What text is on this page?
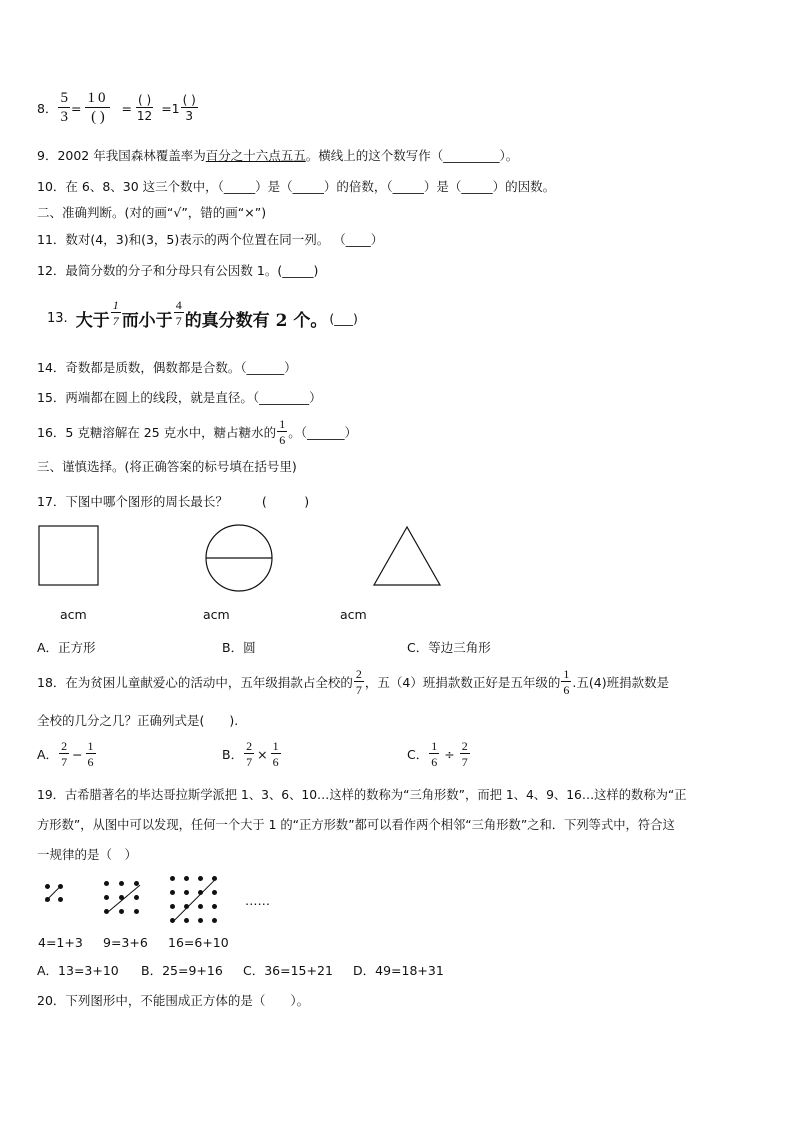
8． $\frac{5}{3} = \frac{10}{( )} = \frac{( )}{12} =1 \frac{( )}{3}$
9．2002 年我国森林覆盖率为百分之十六点五五。横线上的这个数写作（_________）。
10．在 6、8、30 这三个数中，（_____）是（_____）的倍数，（_____）是（_____）的因数。
二、准确判断。(对的画“√”，错的画“×”)
11．数对(4，3)和(3，5)表示的两个位置在同一列。 （____）
12．最简分数的分子和分母只有公因数 1。(_____)
13. 大于 $\frac{1}{7}$ 而小于 $\frac{4}{7}$ 的真分数有 2 个。 (___)
14．奇数都是质数，偶数都是合数。（______）
15．两端都在圆上的线段，就是直径。（________）
16．5 克糖溶解在 25 克水中，糖占糖水的 $\frac{1}{6}$ 。（______）
三、谨慎选择。(将正确答案的标号填在括号里)
17．下图中哪个图形的周长最长？	(　　　)
acm	acm	acm
A．正方形	B．圆	C．等边三角形
18．在为贫困儿童献爱心的活动中，五年级捐款占全校的 $\frac{2}{7}$ ，五（4）班捐款数正好是五年级的 $\frac{1}{6}$ .五(4)班捐款数是
全校的几分之几？正确列式是(　　).
A． $\frac{2}{7} - \frac{1}{6}$	B． $\frac{2}{7} \times \frac{1}{6}$	C． $\frac{1}{6} \div \frac{2}{7}$
19．古希腊著名的毕达哥拉斯学派把 1、3、6、10…这样的数称为“三角形数”，而把 1、4、9、16…这样的数称为“正
方形数”，从图中可以发现，任何一个大于 1 的“正方形数”都可以看作两个相邻“三角形数”之和．下列等式中，符合这
一规律的是（　）
……
4=1+3 9=3+6 16=6+10
A．13=3+10 B．25=9+16 C．36=15+21 D．49=18+31
20．下列图形中，不能围成正方体的是（　　）。
